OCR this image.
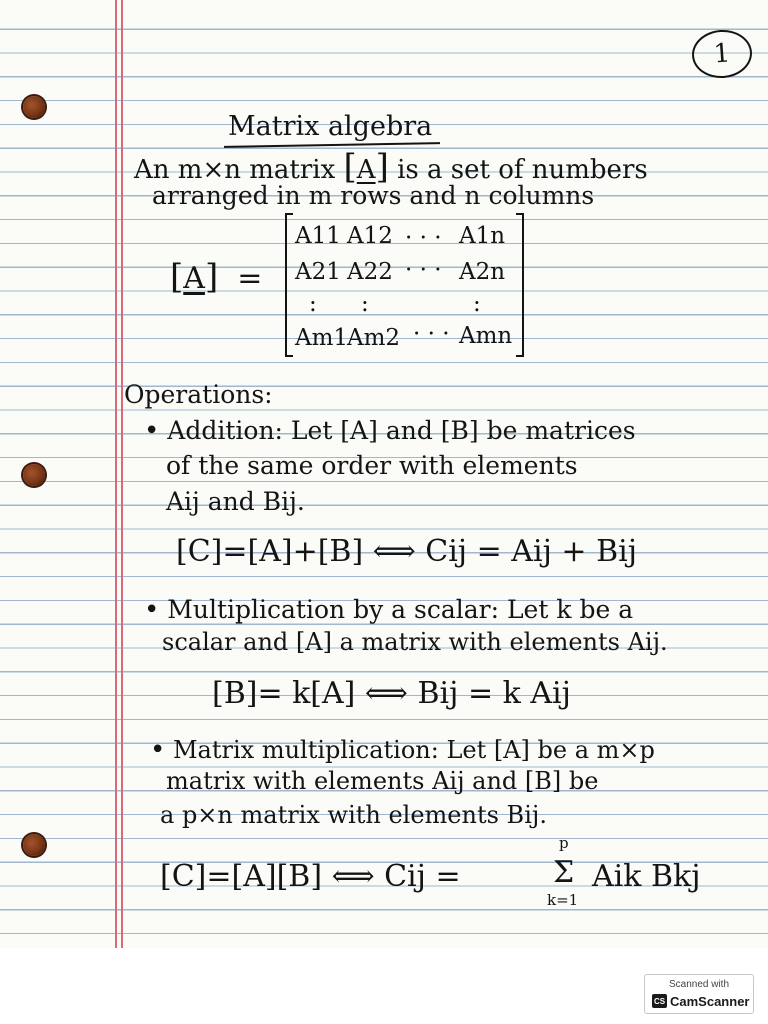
1
Matrix algebra
An m×n matrix [A] is a set of numbers
arranged in m rows and n columns
[A]  =
A11 A12 · · · A1n
A21 A22 · · · A2n
: :	:
Am1
Am2 · · · Amn
Operations:
• Addition: Let [A] and [B] be matrices
of the same order with elements
Aij and Bij.
[C]=[A]+[B] ⟺ Cij = Aij + Bij
• Multiplication by a scalar: Let k be a
scalar and [A] a matrix with elements Aij.
[B]= k[A] ⟺ Bij = k Aij
• Matrix multiplication: Let [A] be a m×p
matrix with elements Aij and [B] be
a p×n matrix with elements Bij.
[C]=[A][B] ⟺ Cij =
p
Σ
k=1
Aik Bkj
Scanned with
CS CamScanner
